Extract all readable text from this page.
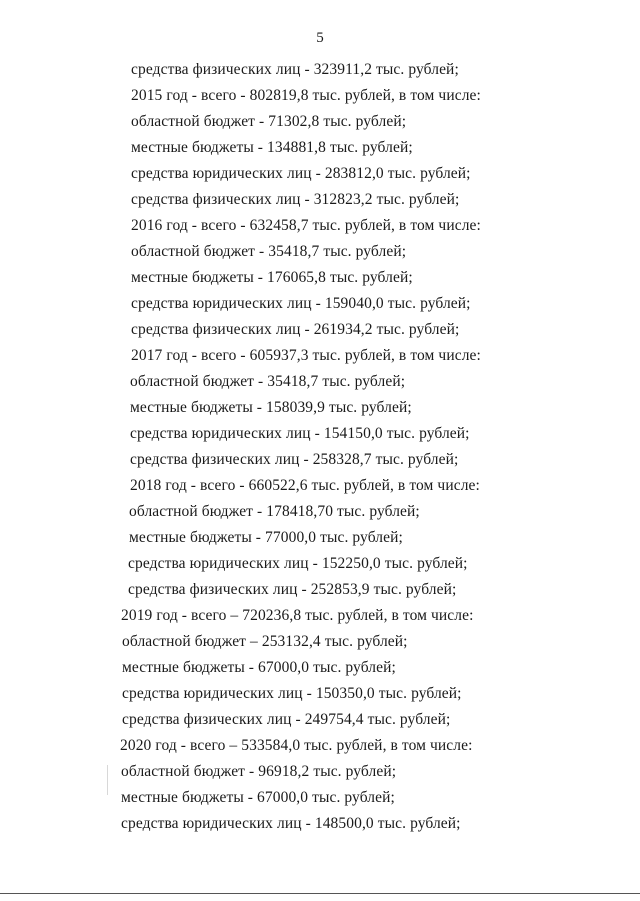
5
средства физических лиц - 323911,2 тыс. рублей;
2015 год - всего - 802819,8 тыс. рублей, в том числе:
областной бюджет - 71302,8 тыс. рублей;
местные бюджеты - 134881,8 тыс. рублей;
средства юридических лиц - 283812,0 тыс. рублей;
средства физических лиц - 312823,2 тыс. рублей;
2016 год - всего - 632458,7 тыс. рублей, в том числе:
областной бюджет - 35418,7 тыс. рублей;
местные бюджеты - 176065,8 тыс. рублей;
средства юридических лиц - 159040,0 тыс. рублей;
средства физических лиц - 261934,2 тыс. рублей;
2017 год - всего - 605937,3 тыс. рублей, в том числе:
областной бюджет - 35418,7 тыс. рублей;
местные бюджеты - 158039,9 тыс. рублей;
средства юридических лиц - 154150,0 тыс. рублей;
средства физических лиц - 258328,7 тыс. рублей;
2018 год - всего - 660522,6 тыс. рублей, в том числе:
областной бюджет - 178418,70 тыс. рублей;
местные бюджеты - 77000,0 тыс. рублей;
средства юридических лиц - 152250,0 тыс. рублей;
средства физических лиц - 252853,9 тыс. рублей;
2019 год - всего – 720236,8 тыс. рублей, в том числе:
областной бюджет – 253132,4 тыс. рублей;
местные бюджеты - 67000,0 тыс. рублей;
средства юридических лиц - 150350,0 тыс. рублей;
средства физических лиц - 249754,4 тыс. рублей;
2020 год - всего – 533584,0 тыс. рублей, в том числе:
областной бюджет - 96918,2 тыс. рублей;
местные бюджеты - 67000,0 тыс. рублей;
средства юридических лиц - 148500,0 тыс. рублей;
